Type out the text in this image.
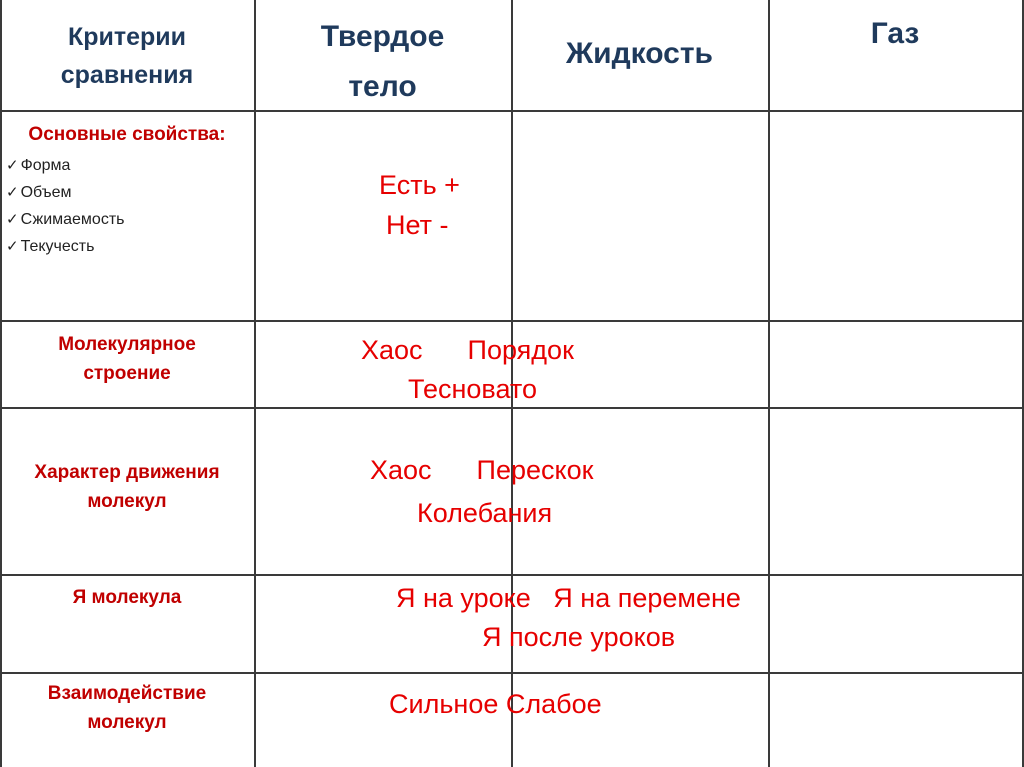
Критерии
сравнения
Твердое
тело
Жидкость
Газ
Основные свойства:
✓ Форма
✓ Объем
✓ Сжимаемость
✓ Текучесть
Есть +
Нет -
Молекулярное
строение
Хаос      Порядок
Тесновато
Характер движения
молекул
Хаос      Перескок
Колебания
Я молекула	Я на уроке   Я на перемене
Я после уроков
Взаимодействие
молекул
Сильное Слабое
